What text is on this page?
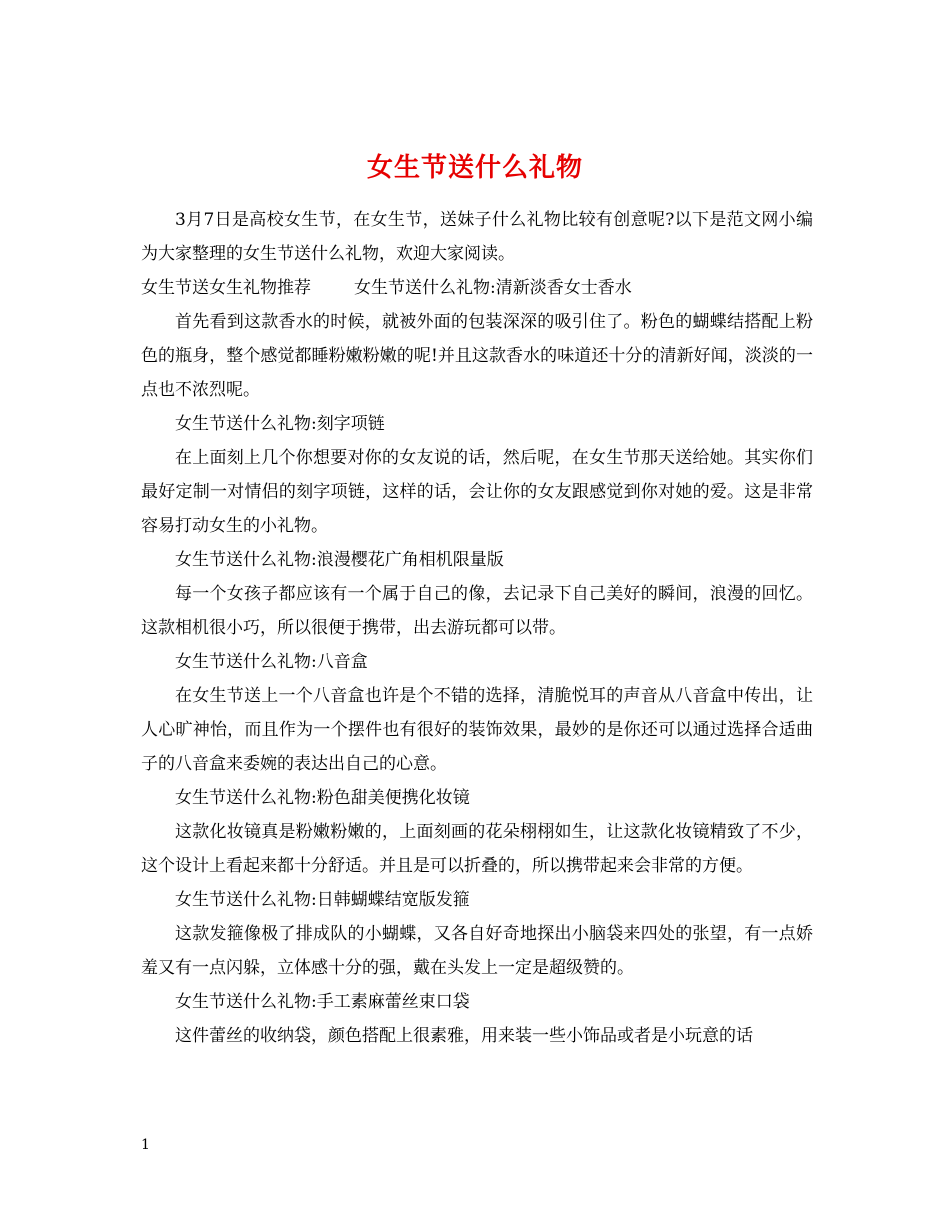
女生节送什么礼物

3月7日是高校女生节，在女生节，送妹子什么礼物比较有创意呢?以下是范文网小编为大家整理的女生节送什么礼物，欢迎大家阅读。

女生节送女生礼物推荐	女生节送什么礼物:清新淡香女士香水

首先看到这款香水的时候，就被外面的包装深深的吸引住了。粉色的蝴蝶结搭配上粉色的瓶身，整个感觉都睡粉嫩粉嫩的呢!并且这款香水的味道还十分的清新好闻，淡淡的一点也不浓烈呢。

女生节送什么礼物:刻字项链

在上面刻上几个你想要对你的女友说的话，然后呢，在女生节那天送给她。其实你们最好定制一对情侣的刻字项链，这样的话，会让你的女友跟感觉到你对她的爱。这是非常容易打动女生的小礼物。

女生节送什么礼物:浪漫樱花广角相机限量版

每一个女孩子都应该有一个属于自己的像，去记录下自己美好的瞬间，浪漫的回忆。这款相机很小巧，所以很便于携带，出去游玩都可以带。

女生节送什么礼物:八音盒

在女生节送上一个八音盒也许是个不错的选择，清脆悦耳的声音从八音盒中传出，让人心旷神怡，而且作为一个摆件也有很好的装饰效果，最妙的是你还可以通过选择合适曲子的八音盒来委婉的表达出自己的心意。

女生节送什么礼物:粉色甜美便携化妆镜

这款化妆镜真是粉嫩粉嫩的，上面刻画的花朵栩栩如生，让这款化妆镜精致了不少，这个设计上看起来都十分舒适。并且是可以折叠的，所以携带起来会非常的方便。

女生节送什么礼物:日韩蝴蝶结宽版发箍

这款发箍像极了排成队的小蝴蝶，又各自好奇地探出小脑袋来四处的张望，有一点娇羞又有一点闪躲，立体感十分的强，戴在头发上一定是超级赞的。

女生节送什么礼物:手工素麻蕾丝束口袋

这件蕾丝的收纳袋，颜色搭配上很素雅，用来装一些小饰品或者是小玩意的话

1
